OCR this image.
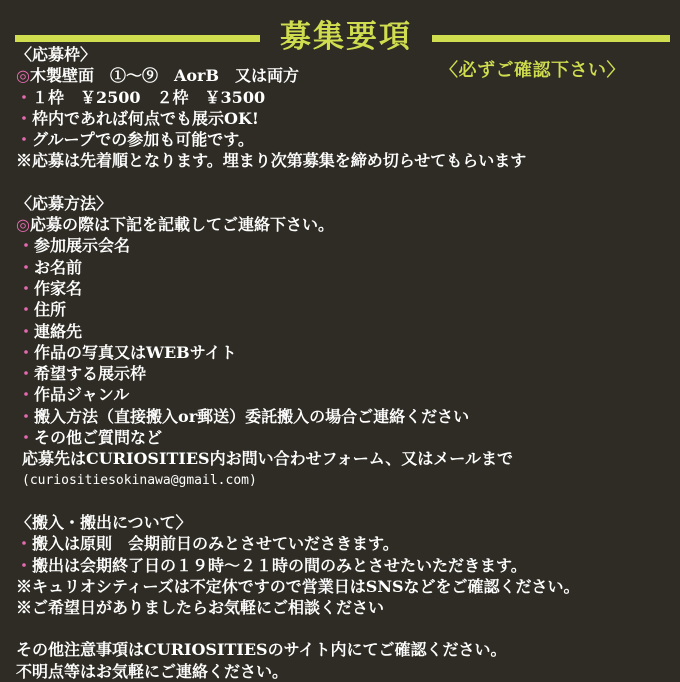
募集要項
〈必ずご確認下さい〉
〈応募枠〉
◎木製壁面　①〜⑨　AorB　又は両方
・１枠　￥2500　２枠　￥3500
・枠内であれば何点でも展示OK!
・グループでの参加も可能です。
※応募は先着順となります。埋まり次第募集を締め切らせてもらいます
〈応募方法〉
◎応募の際は下記を記載してご連絡下さい。
・参加展示会名
・お名前
・作家名
・住所
・連絡先
・作品の写真又はWEBサイト
・希望する展示枠
・作品ジャンル
・搬入方法（直接搬入or郵送）委託搬入の場合ご連絡ください
・その他ご質問など
応募先はCURIOSITIES内お問い合わせフォーム、又はメールまで
(curiositiesokinawa@gmail.com)
〈搬入・搬出について〉
・搬入は原則　会期前日のみとさせていださきます。
・搬出は会期終了日の１９時〜２１時の間のみとさせたいただきます。
※キュリオシティーズは不定休ですので営業日はSNSなどをご確認ください。
※ご希望日がありましたらお気軽にご相談ください
その他注意事項はCURIOSITIESのサイト内にてご確認ください。
不明点等はお気軽にご連絡ください。
